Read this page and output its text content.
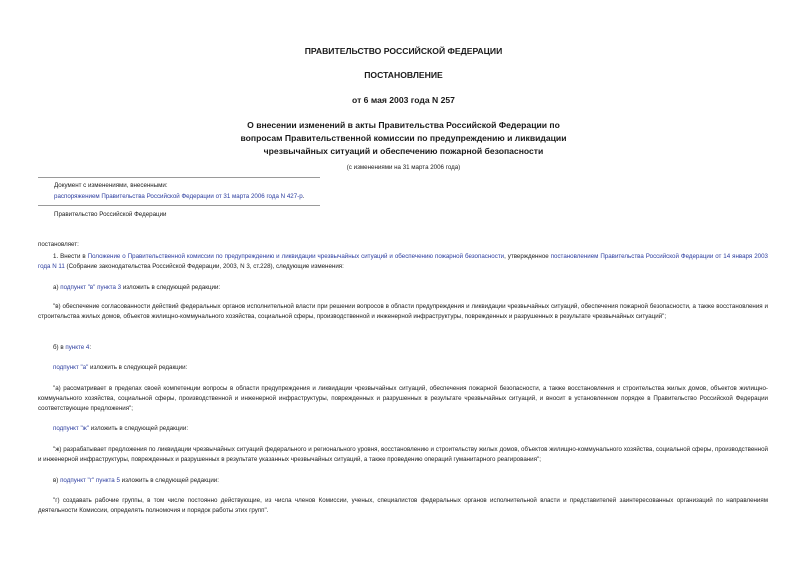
ПРАВИТЕЛЬСТВО РОССИЙСКОЙ ФЕДЕРАЦИИ
ПОСТАНОВЛЕНИЕ
от 6 мая 2003 года N 257
О внесении изменений в акты Правительства Российской Федерации по
вопросам Правительственной комиссии по предупреждению и ликвидации
чрезвычайных ситуаций и обеспечению пожарной безопасности
(с изменениями на 31 марта 2006 года)
Документ с изменениями, внесенными:
распоряжением Правительства Российской Федерации от 31 марта 2006 года N 427-р.
Правительство Российской Федерации
постановляет:
1. Внести в Положение о Правительственной комиссии по предупреждению и ликвидации чрезвычайных ситуаций и обеспечению пожарной безопасности, утвержденное постановлением Правительства Российской Федерации от 14 января 2003 года N 11 (Собрание законодательства Российской Федерации, 2003, N 3, ст.228), следующие изменения:
а) подпункт "в" пункта 3 изложить в следующей редакции:
"в) обеспечение согласованности действий федеральных органов исполнительной власти при решении вопросов в области предупреждения и ликвидации чрезвычайных ситуаций, обеспечения пожарной безопасности, а также восстановления и строительства жилых домов, объектов жилищно-коммунального хозяйства, социальной сферы, производственной и инженерной инфраструктуры, поврежденных и разрушенных в результате чрезвычайных ситуаций";
б) в пункте 4:
подпункт "а" изложить в следующей редакции:
"а) рассматривает в пределах своей компетенции вопросы в области предупреждения и ликвидации чрезвычайных ситуаций, обеспечения пожарной безопасности, а также восстановления и строительства жилых домов, объектов жилищно-коммунального хозяйства, социальной сферы, производственной и инженерной инфраструктуры, поврежденных и разрушенных в результате чрезвычайных ситуаций, и вносит в установленном порядке в Правительство Российской Федерации соответствующие предложения";
подпункт "ж" изложить в следующей редакции:
"ж) разрабатывает предложения по ликвидации чрезвычайных ситуаций федерального и регионального уровня, восстановлению и строительству жилых домов, объектов жилищно-коммунального хозяйства, социальной сферы, производственной и инженерной инфраструктуры, поврежденных и разрушенных в результате указанных чрезвычайных ситуаций, а также проведению операций гуманитарного реагирования";
в) подпункт "г" пункта 5 изложить в следующей редакции:
"г) создавать рабочие группы, в том числе постоянно действующие, из числа членов Комиссии, ученых, специалистов федеральных органов исполнительной власти и представителей заинтересованных организаций по направлениям деятельности Комиссии, определять полномочия и порядок работы этих групп".
